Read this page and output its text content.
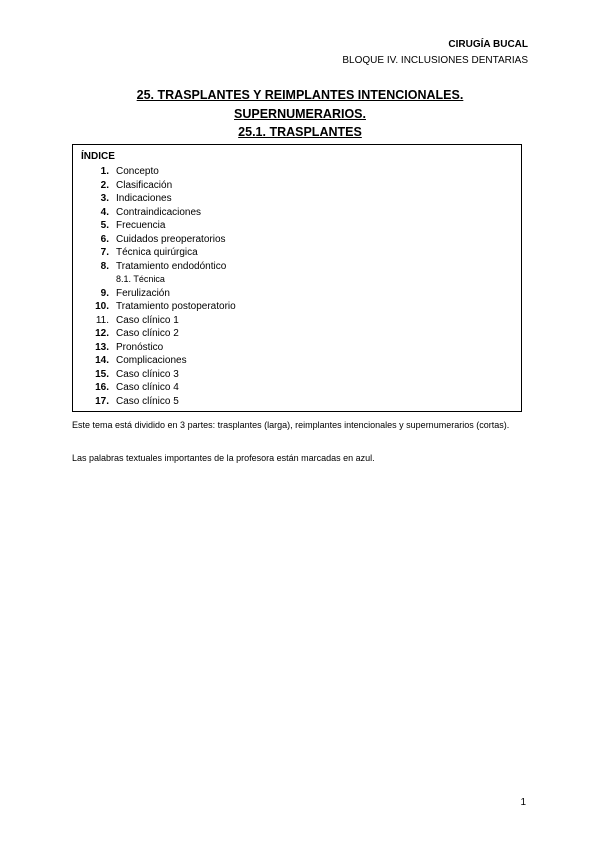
CIRUGÍA BUCAL
BLOQUE IV. INCLUSIONES DENTARIAS
25. TRASPLANTES Y REIMPLANTES INTENCIONALES.
SUPERNUMERARIOS.
25.1. TRASPLANTES
ÍNDICE
1. Concepto
2. Clasificación
3. Indicaciones
4. Contraindicaciones
5. Frecuencia
6. Cuidados preoperatorios
7. Técnica quirúrgica
8. Tratamiento endodóntico
8.1. Técnica
9. Ferulización
10. Tratamiento postoperatorio
11. Caso clínico 1
12. Caso clínico 2
13. Pronóstico
14. Complicaciones
15. Caso clínico 3
16. Caso clínico 4
17. Caso clínico 5
Este tema está dividido en 3 partes: trasplantes (larga), reimplantes intencionales y supernumerarios (cortas).
Las palabras textuales importantes de la profesora están marcadas en azul.
1
